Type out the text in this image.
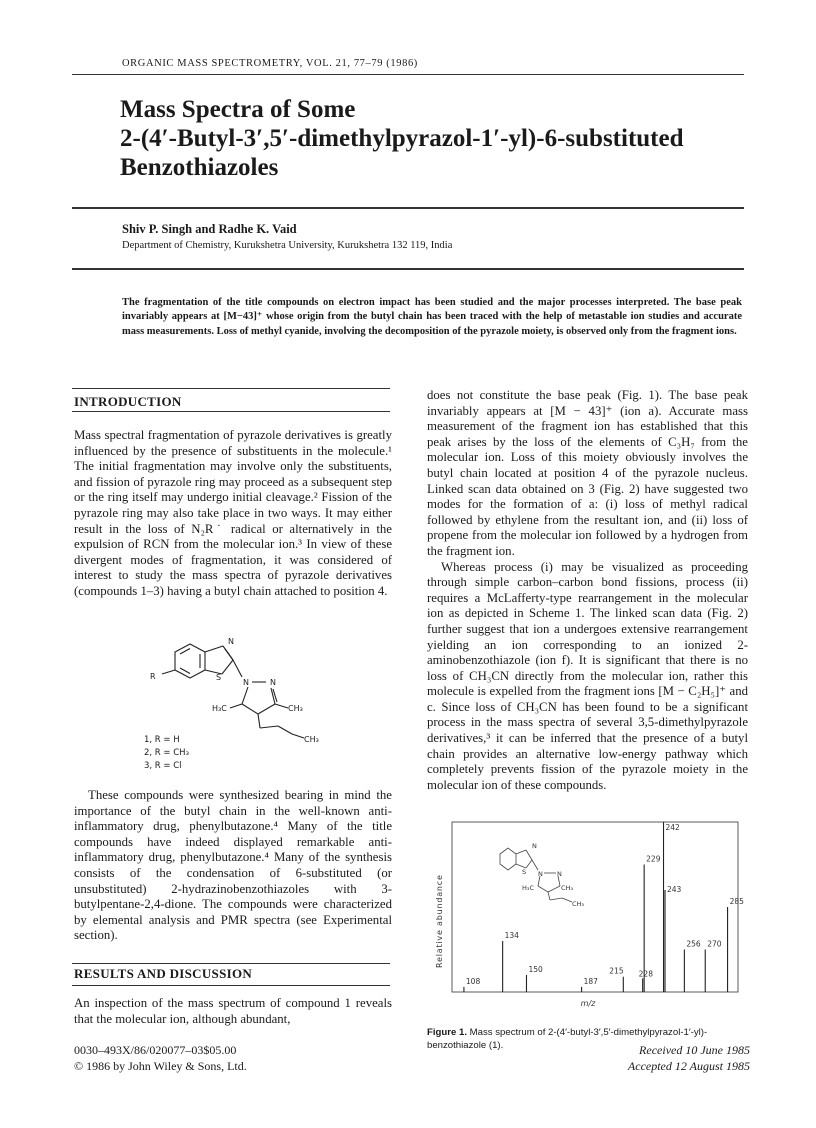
ORGANIC MASS SPECTROMETRY, VOL. 21, 77–79 (1986)
Mass Spectra of Some
2-(4′-Butyl-3′,5′-dimethylpyrazol-1′-yl)-6-substituted
Benzothiazoles
Shiv P. Singh and Radhe K. Vaid
Department of Chemistry, Kurukshetra University, Kurukshetra 132 119, India
The fragmentation of the title compounds on electron impact has been studied and the major processes interpreted. The base peak invariably appears at [M−43]⁺ whose origin from the butyl chain has been traced with the help of metastable ion studies and accurate mass measurements. Loss of methyl cyanide, involving the decomposition of the pyrazole moiety, is observed only from the fragment ions.
INTRODUCTION

Mass spectral fragmentation of pyrazole derivatives is greatly influenced by the presence of substituents in the molecule.¹ The initial fragmentation may involve only the substituents, and fission of pyrazole ring may proceed as a subsequent step or the ring itself may undergo initial cleavage.² Fission of the pyrazole ring may also take place in two ways. It may either result in the loss of N₂R˙ radical or alternatively in the expulsion of RCN from the molecular ion.³ In view of these divergent modes of fragmentation, it was considered of interest to study the mass spectra of pyrazole derivatives (compounds 1–3) having a butyl chain attached to position 4.

N
S
R
N	N
H₃C	CH₃
CH₃
1, R = H
2, R = CH₃
3, R = Cl

These compounds were synthesized bearing in mind the importance of the butyl chain in the well-known anti-inflammatory drug, phenylbutazone.⁴ Many of the title compounds have indeed displayed remarkable anti-inflammatory drug, phenylbutazone.⁴ Many of the synthesis consists of the condensation of 6-substituted (or unsubstituted) 2-hydrazinobenzothiazoles with 3-butylpentane-2,4-dione. The compounds were characterized by elemental analysis and PMR spectra (see Experimental section).

RESULTS AND DISCUSSION

An inspection of the mass spectrum of compound 1 reveals that the molecular ion, although abundant,

does not constitute the base peak (Fig. 1). The base peak invariably appears at [M − 43]⁺ (ion a). Accurate mass measurement of the fragment ion has established that this peak arises by the loss of the elements of C₃H₇ from the molecular ion. Loss of this moiety obviously involves the butyl chain located at position 4 of the pyrazole nucleus. Linked scan data obtained on 3 (Fig. 2) have suggested two modes for the formation of a: (i) loss of methyl radical followed by ethylene from the resultant ion, and (ii) loss of propene from the molecular ion followed by a hydrogen from the fragment ion.

Whereas process (i) may be visualized as proceeding through simple carbon–carbon bond fissions, process (ii) requires a McLafferty-type rearrangement in the molecular ion as depicted in Scheme 1. The linked scan data (Fig. 2) further suggest that ion a undergoes extensive rearrangement yielding an ion corresponding to an ionized 2-aminobenzothiazole (ion f). It is significant that there is no loss of CH₃CN directly from the molecular ion, rather this molecule is expelled from the fragment ions [M − C₂H₅]⁺ and c. Since loss of CH₃CN has been found to be a significant process in the mass spectra of several 3,5-dimethylpyrazole derivatives,³ it can be inferred that the presence of a butyl chain provides an alternative low-energy pathway which completely prevents fission of the pyrazole moiety in the molecular ion of these compounds.

108
134
150
187
215 228
229
242
243
256 270
285
N
S N N
H₃C	CH₃
CH₃
Relative abundance
m/z
Figure 1. Mass spectrum of 2-(4′-butyl-3′,5′-dimethylpyrazol-1′-yl)-benzothiazole (1).
0030–493X/86/020077–03$05.00
© 1986 by John Wiley & Sons, Ltd.
Received 10 June 1985
Accepted 12 August 1985
